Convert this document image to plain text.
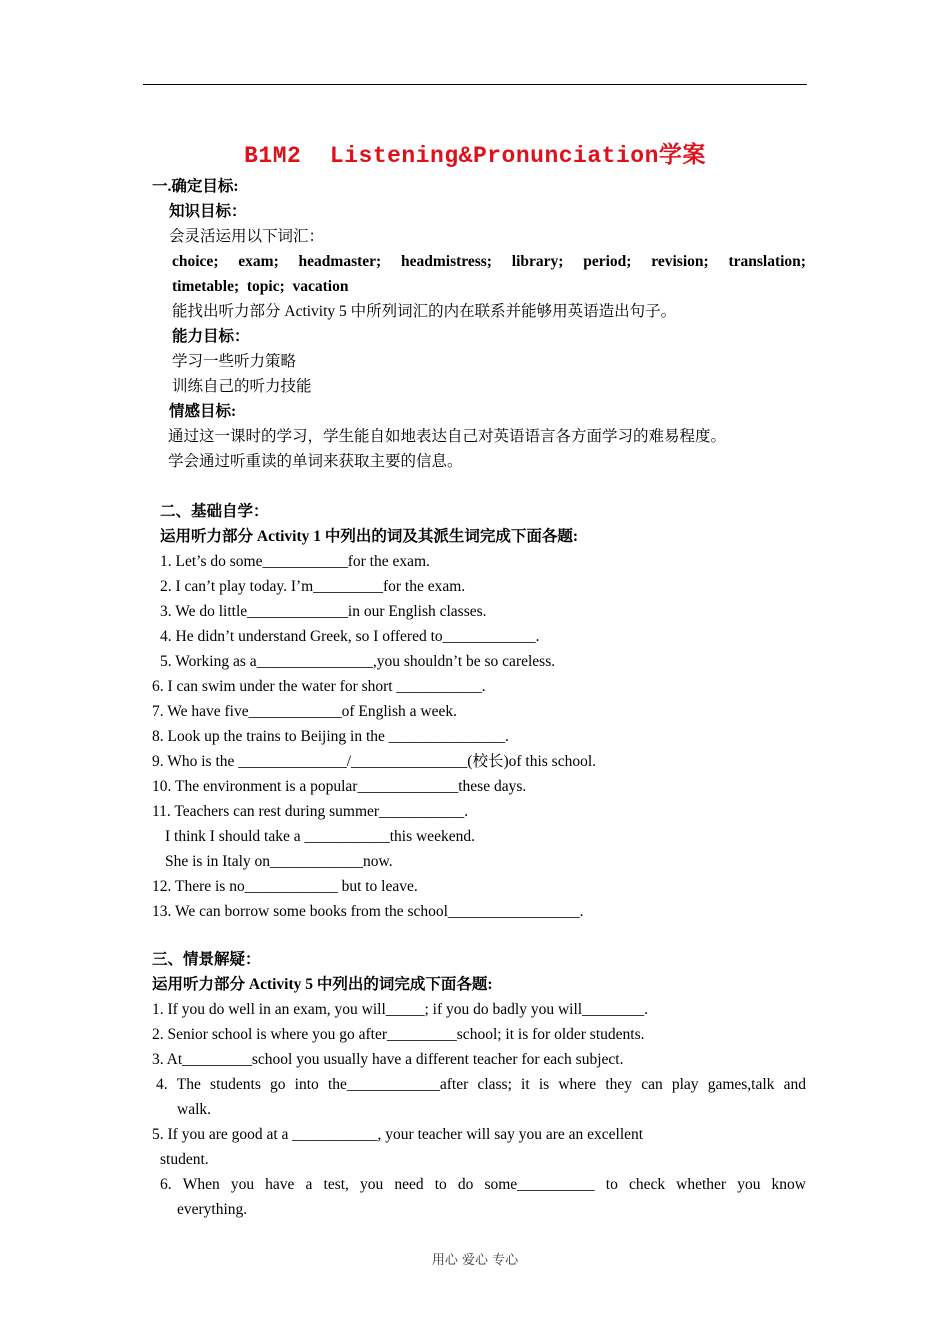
B1M2  Listening&Pronunciation学案
一.确定目标:
知识目标：
会灵活运用以下词汇：
choice; exam; headmaster; headmistress; library; period; revision; translation;
timetable;  topic;  vacation
能找出听力部分 Activity 5 中所列词汇的内在联系并能够用英语造出句子。
能力目标：
学习一些听力策略
训练自己的听力技能
情感目标:
通过这一课时的学习，学生能自如地表达自己对英语语言各方面学习的难易程度。
学会通过听重读的单词来获取主要的信息。
二、基础自学：
运用听力部分 Activity 1 中列出的词及其派生词完成下面各题:
1. Let’s do some___________for the exam.
2. I can’t play today. I’m_________for the exam.
3. We do little_____________in our English classes.
4. He didn’t understand Greek, so I offered to____________.
5. Working as a_______________,you shouldn’t be so careless.
6. I can swim under the water for short ___________.
7. We have five____________of English a week.
8. Look up the trains to Beijing in the _______________.
9. Who is the ______________/_______________(校长)of this school.
10. The environment is a popular_____________these days.
11. Teachers can rest during summer___________.
I think I should take a ___________this weekend.
She is in Italy on____________now.
12. There is no____________ but to leave.
13. We can borrow some books from the school_________________.
三、情景解疑：
运用听力部分 Activity 5 中列出的词完成下面各题:
1. If you do well in an exam, you will_____; if you do badly you will________.
2. Senior school is where you go after_________school; it is for older students.
3. At_________school you usually have a different teacher for each subject.
4. The students go into the____________after class; it is where they can play games,talk and
walk.
5. If you are good at a ___________, your teacher will say you are an excellent
student.
6. When you have a test, you need to do some__________ to check whether you know
everything.
用心 爱心 专心
